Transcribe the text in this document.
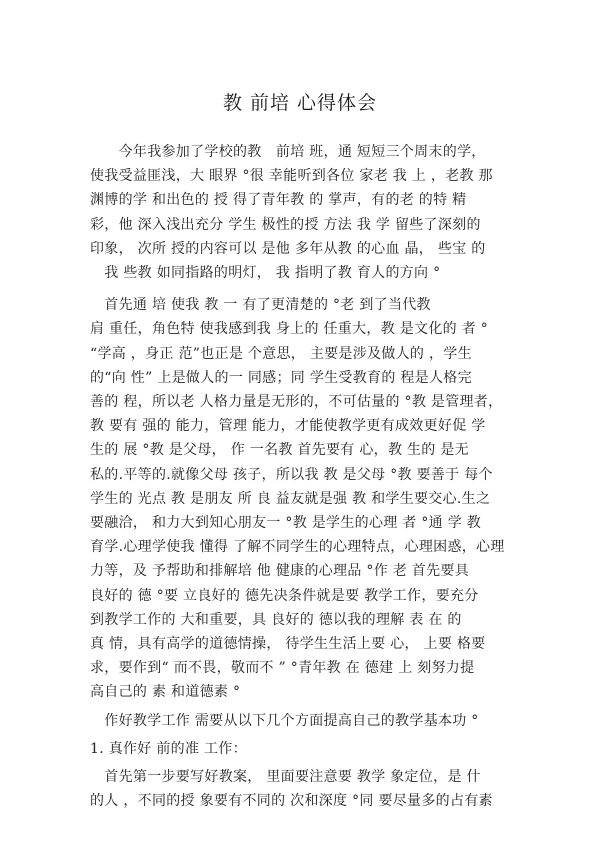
教 前培 心得体会
　　今年我参加了学校的教　前培 班，通 短短三个周末的学，
使我受益匪浅，大 眼界 °很 幸能听到各位 家老 我 上 ，老教 那
渊博的学 和出色的 授 得了青年教 的 掌声，有的老 的特 精
彩，他 深入浅出充分 学生 极性的授 方法 我 学 留些了深刻的
印象， 次所 授的内容可以 是他 多年从教 的心血 晶， 些宝 的
　我 些教 如同指路的明灯， 我 指明了教 育人的方向 °
　首先通 培 使我 教 一 有了更清楚的 °老 到了当代教
肩 重任，角色特 使我感到我 身上的 任重大，教 是文化的 者 °
“学高 ，身正 范”也正是 个意思， 主要是涉及做人的 ，学生
的“向 性” 上是做人的一 同感；同 学生受教育的 程是人格完
善的 程，所以老 人格力量是无形的，不可估量的 °教 是管理者，
教 要有 强的 能力，管理 能力，才能使教学更有成效更好促 学
生的 展 °教 是父母， 作 一名教 首先要有 心，教 生的 是无
私的.平等的.就像父母 孩子，所以我 教 是父母 °教 要善于 每个
学生的 光点 教 是朋友 所 良 益友就是强 教 和学生要交心.生之
要融洽， 和力大到知心朋友一 °教 是学生的心理 者 °通 学 教
育学.心理学使我 懂得 了解不同学生的心理特点，心理困惑，心理
力等，及 予帮助和排解培 他 健康的心理品 °作 老 首先要具
良好的 德 °要 立良好的 德先决条件就是要 教学工作，要充分
到教学工作的 大和重要，具 良好的 德以我的理解 表 在 的
真 情，具有高学的道德情操， 待学生生活上要 心， 上要 格要
求，要作到“ 而不畏，敬而不 ” °青年教 在 德建 上 刻努力提
高自己的 素 和道德素 °
　作好教学工作 需要从以下几个方面提高自己的教学基本功 °
1. 真作好 前的准 工作：
　首先第一步要写好教案， 里面要注意要 教学 象定位，是 什
的人 ，不同的授 象要有不同的 次和深度 °同 要尽量多的占有素
